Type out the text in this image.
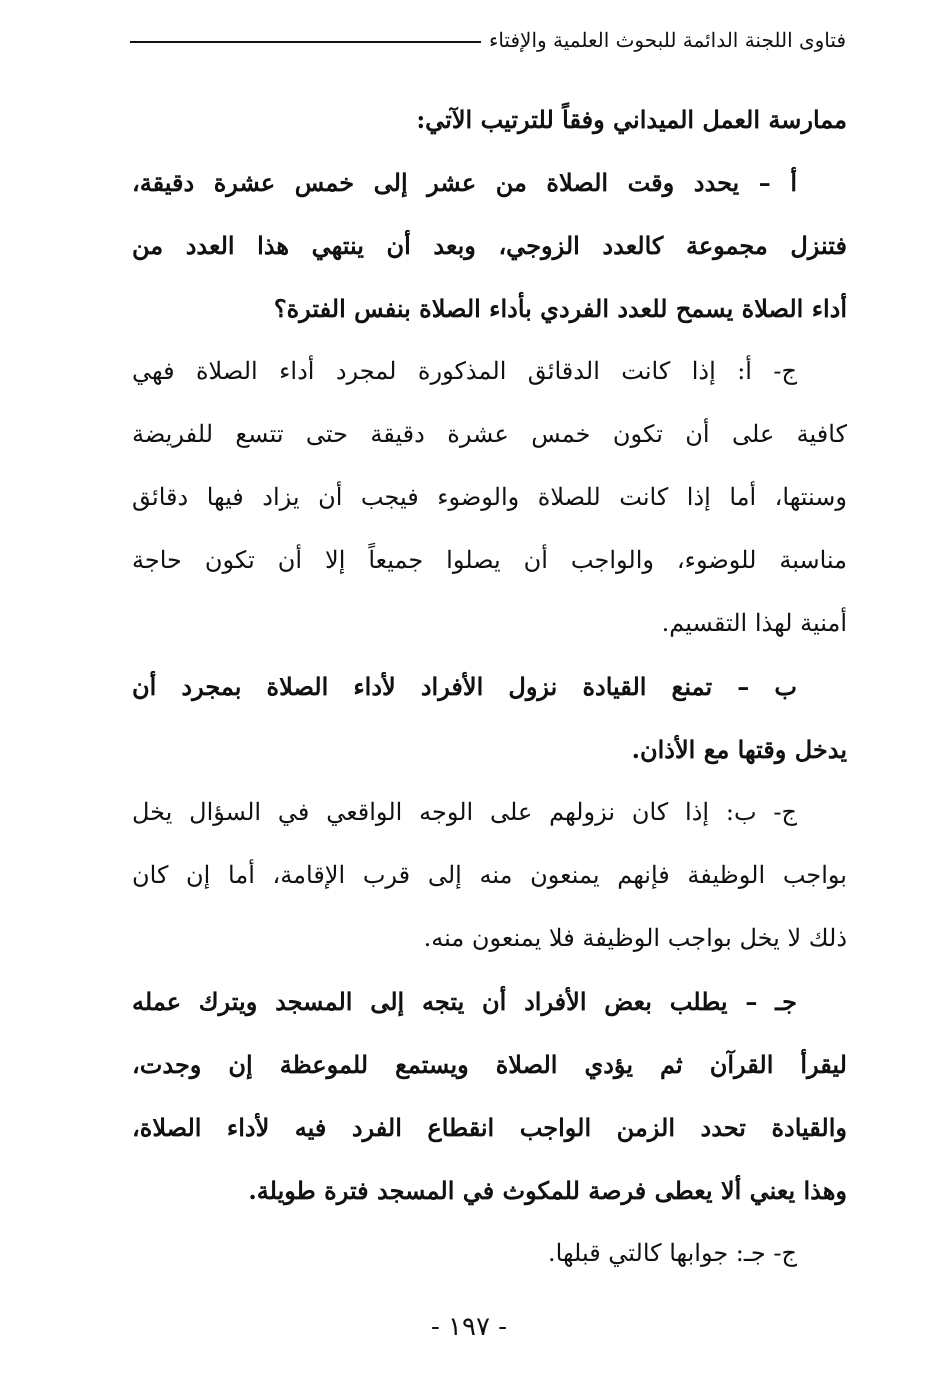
فتاوى اللجنة الدائمة للبحوث العلمية والإفتاء
ممارسة العمل الميداني وفقاً للترتيب الآتي:
أ – يحدد وقت الصلاة من عشر إلى خمس عشرة دقيقة،
فتنزل مجموعة كالعدد الزوجي، وبعد أن ينتهي هذا العدد من
أداء الصلاة يسمح للعدد الفردي بأداء الصلاة بنفس الفترة؟
ج- أ: إذا كانت الدقائق المذكورة لمجرد أداء الصلاة فهي
كافية على أن تكون خمس عشرة دقيقة حتى تتسع للفريضة
وسنتها، أما إذا كانت للصلاة والوضوء فيجب أن يزاد فيها دقائق
مناسبة للوضوء، والواجب أن يصلوا جميعاً إلا أن تكون حاجة
أمنية لهذا التقسيم.
ب – تمنع القيادة نزول الأفراد لأداء الصلاة بمجرد أن
يدخل وقتها مع الأذان.
ج- ب: إذا كان نزولهم على الوجه الواقعي في السؤال يخل
بواجب الوظيفة فإنهم يمنعون منه إلى قرب الإقامة، أما إن كان
ذلك لا يخل بواجب الوظيفة فلا يمنعون منه.
جـ – يطلب بعض الأفراد أن يتجه إلى المسجد ويترك عمله
ليقرأ القرآن ثم يؤدي الصلاة ويستمع للموعظة إن وجدت،
والقيادة تحدد الزمن الواجب انقطاع الفرد فيه لأداء الصلاة،
وهذا يعني ألا يعطى فرصة للمكوث في المسجد فترة طويلة.
ج- جـ: جوابها كالتي قبلها.
- ١٩٧ -
